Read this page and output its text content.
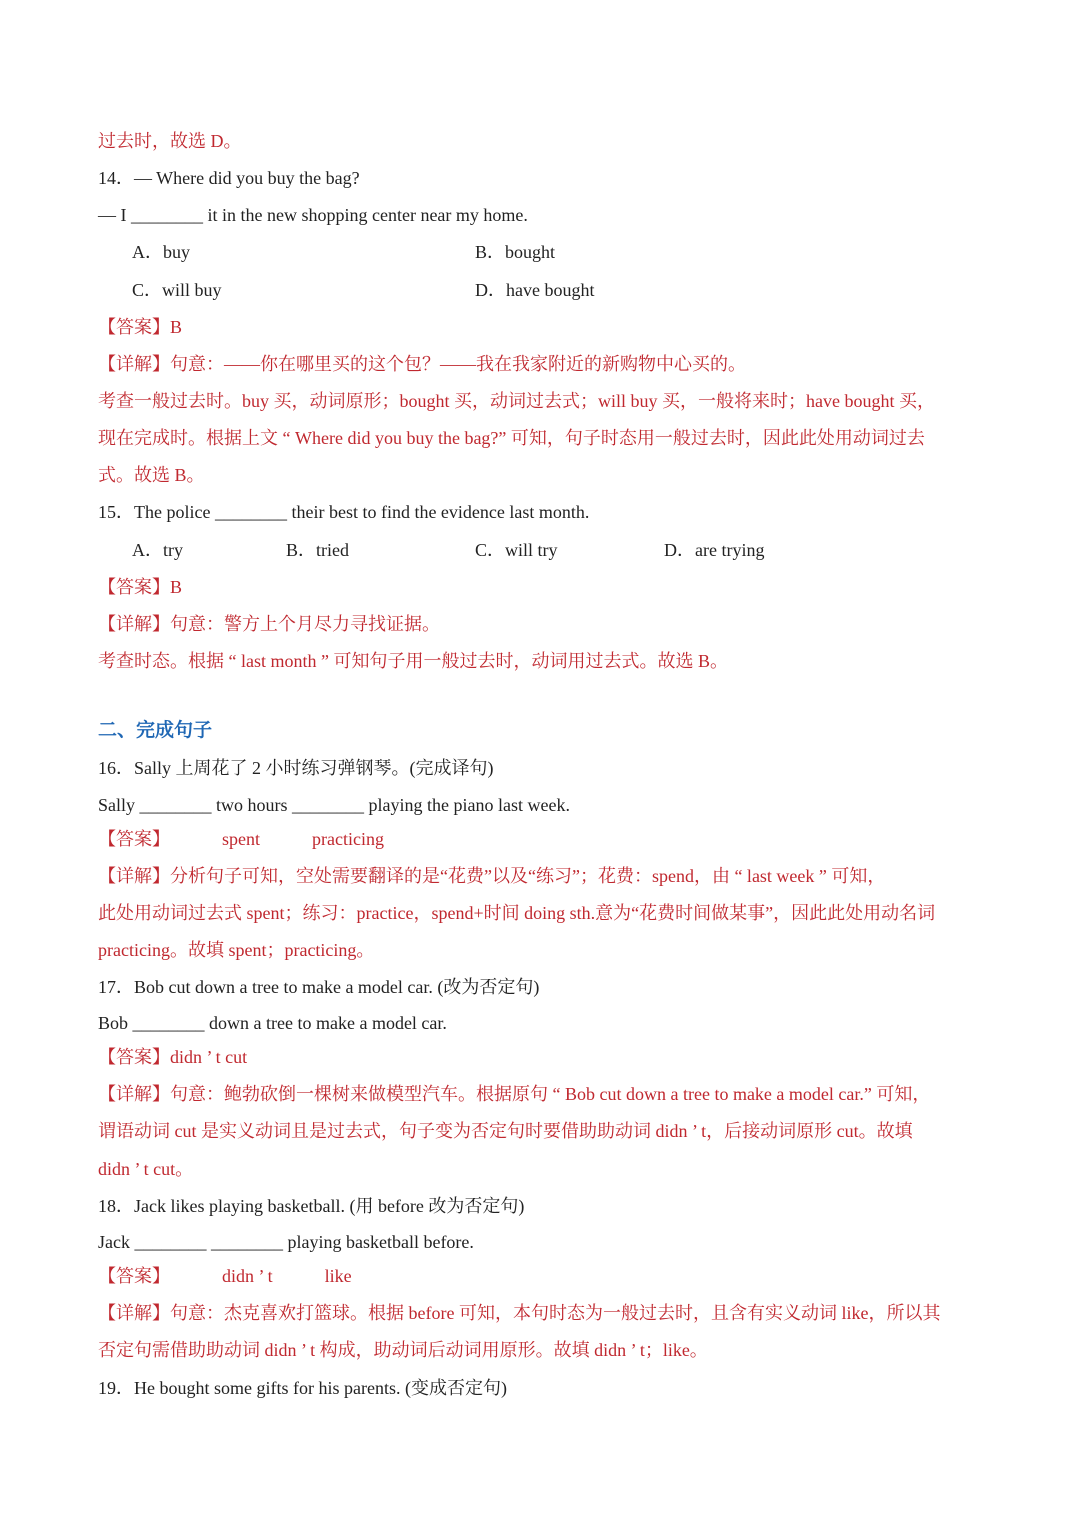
过去时，故选 D。
14．— Where did you buy the bag?
— I ________ it in the new shopping center near my home.
A．buy	B．bought
C．will buy	D．have bought
【答案】B
【详解】句意：——你在哪里买的这个包？——我在我家附近的新购物中心买的。
考查一般过去时。buy 买，动词原形；bought 买，动词过去式；will buy 买，一般将来时；have bought 买，
现在完成时。根据上文 “ Where did you buy the bag?” 可知，句子时态用一般过去时，因此此处用动词过去
式。故选 B。
15．The police ________ their best to find the evidence last month.
A．try	B．tried	C．will try	D．are trying
【答案】B
【详解】句意：警方上个月尽力寻找证据。
考查时态。根据 “ last month ” 可知句子用一般过去时，动词用过去式。故选 B。
二、完成句子
16．Sally 上周花了 2 小时练习弹钢琴。(完成译句)
Sally ________ two hours ________ playing the piano last week.
【答案】	spent	practicing
【详解】分析句子可知，空处需要翻译的是“花费”以及“练习”；花费：spend，由 “ last week ” 可知，
此处用动词过去式 spent；练习：practice，spend+时间 doing sth.意为“花费时间做某事”，因此此处用动名词
practicing。故填 spent；practicing。
17．Bob cut down a tree to make a model car. (改为否定句)
Bob ________ down a tree to make a model car.
【答案】didn ’ t cut
【详解】句意：鲍勃砍倒一棵树来做模型汽车。根据原句 “ Bob cut down a tree to make a model car.” 可知，
谓语动词 cut 是实义动词且是过去式，句子变为否定句时要借助助动词 didn ’ t，后接动词原形 cut。故填
didn ’ t cut。
18．Jack likes playing basketball. (用 before 改为否定句)
Jack ________ ________ playing basketball before.
【答案】	didn ’ t	like
【详解】句意：杰克喜欢打篮球。根据 before 可知，本句时态为一般过去时，且含有实义动词 like，所以其
否定句需借助助动词 didn ’ t 构成，助动词后动词用原形。故填 didn ’ t；like。
19．He bought some gifts for his parents. (变成否定句)
